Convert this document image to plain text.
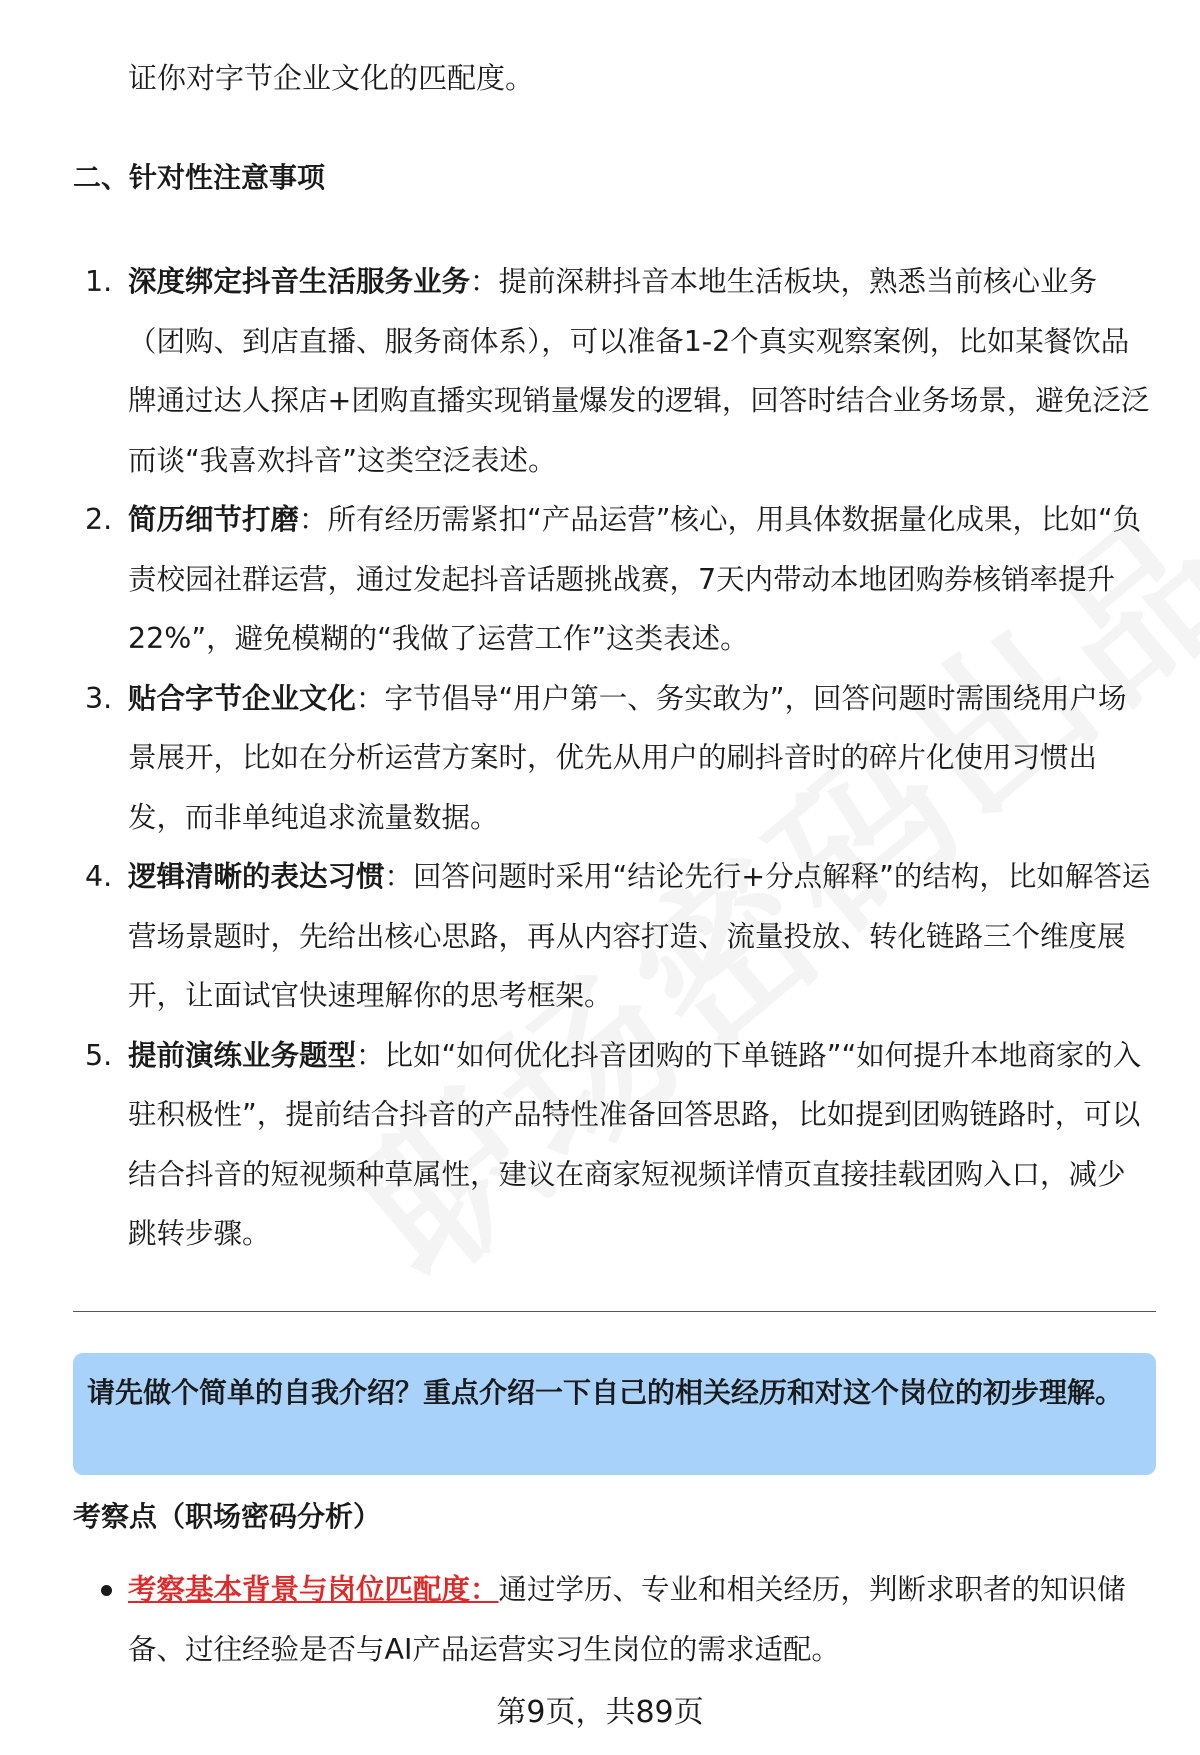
证你对字节企业文化的匹配度。
二、针对性注意事项
1. 深度绑定抖音生活服务业务：提前深耕抖音本地生活板块，熟悉当前核心业务（团购、到店直播、服务商体系），可以准备1-2个真实观察案例，比如某餐饮品牌通过达人探店+团购直播实现销量爆发的逻辑，回答时结合业务场景，避免泛泛而谈“我喜欢抖音”这类空泛表述。
2. 简历细节打磨：所有经历需紧扣“产品运营”核心，用具体数据量化成果，比如“负责校园社群运营，通过发起抖音话题挑战赛，7天内带动本地团购券核销率提升22%”，避免模糊的“我做了运营工作”这类表述。
3. 贴合字节企业文化：字节倡导“用户第一、务实敢为”，回答问题时需围绕用户场景展开，比如在分析运营方案时，优先从用户的刷抖音时的碎片化使用习惯出发，而非单纯追求流量数据。
4. 逻辑清晰的表达习惯：回答问题时采用“结论先行+分点解释”的结构，比如解答运营场景题时，先给出核心思路，再从内容打造、流量投放、转化链路三个维度展开，让面试官快速理解你的思考框架。
5. 提前演练业务题型：比如“如何优化抖音团购的下单链路”“如何提升本地商家的入驻积极性”，提前结合抖音的产品特性准备回答思路，比如提到团购链路时，可以结合抖音的短视频种草属性，建议在商家短视频详情页直接挂载团购入口，减少跳转步骤。
请先做个简单的自我介绍？重点介绍一下自己的相关经历和对这个岗位的初步理解。
考察点（职场密码分析）
考察基本背景与岗位匹配度：通过学历、专业和相关经历，判断求职者的知识储备、过往经验是否与AI产品运营实习生岗位的需求适配。
第9页，共89页
